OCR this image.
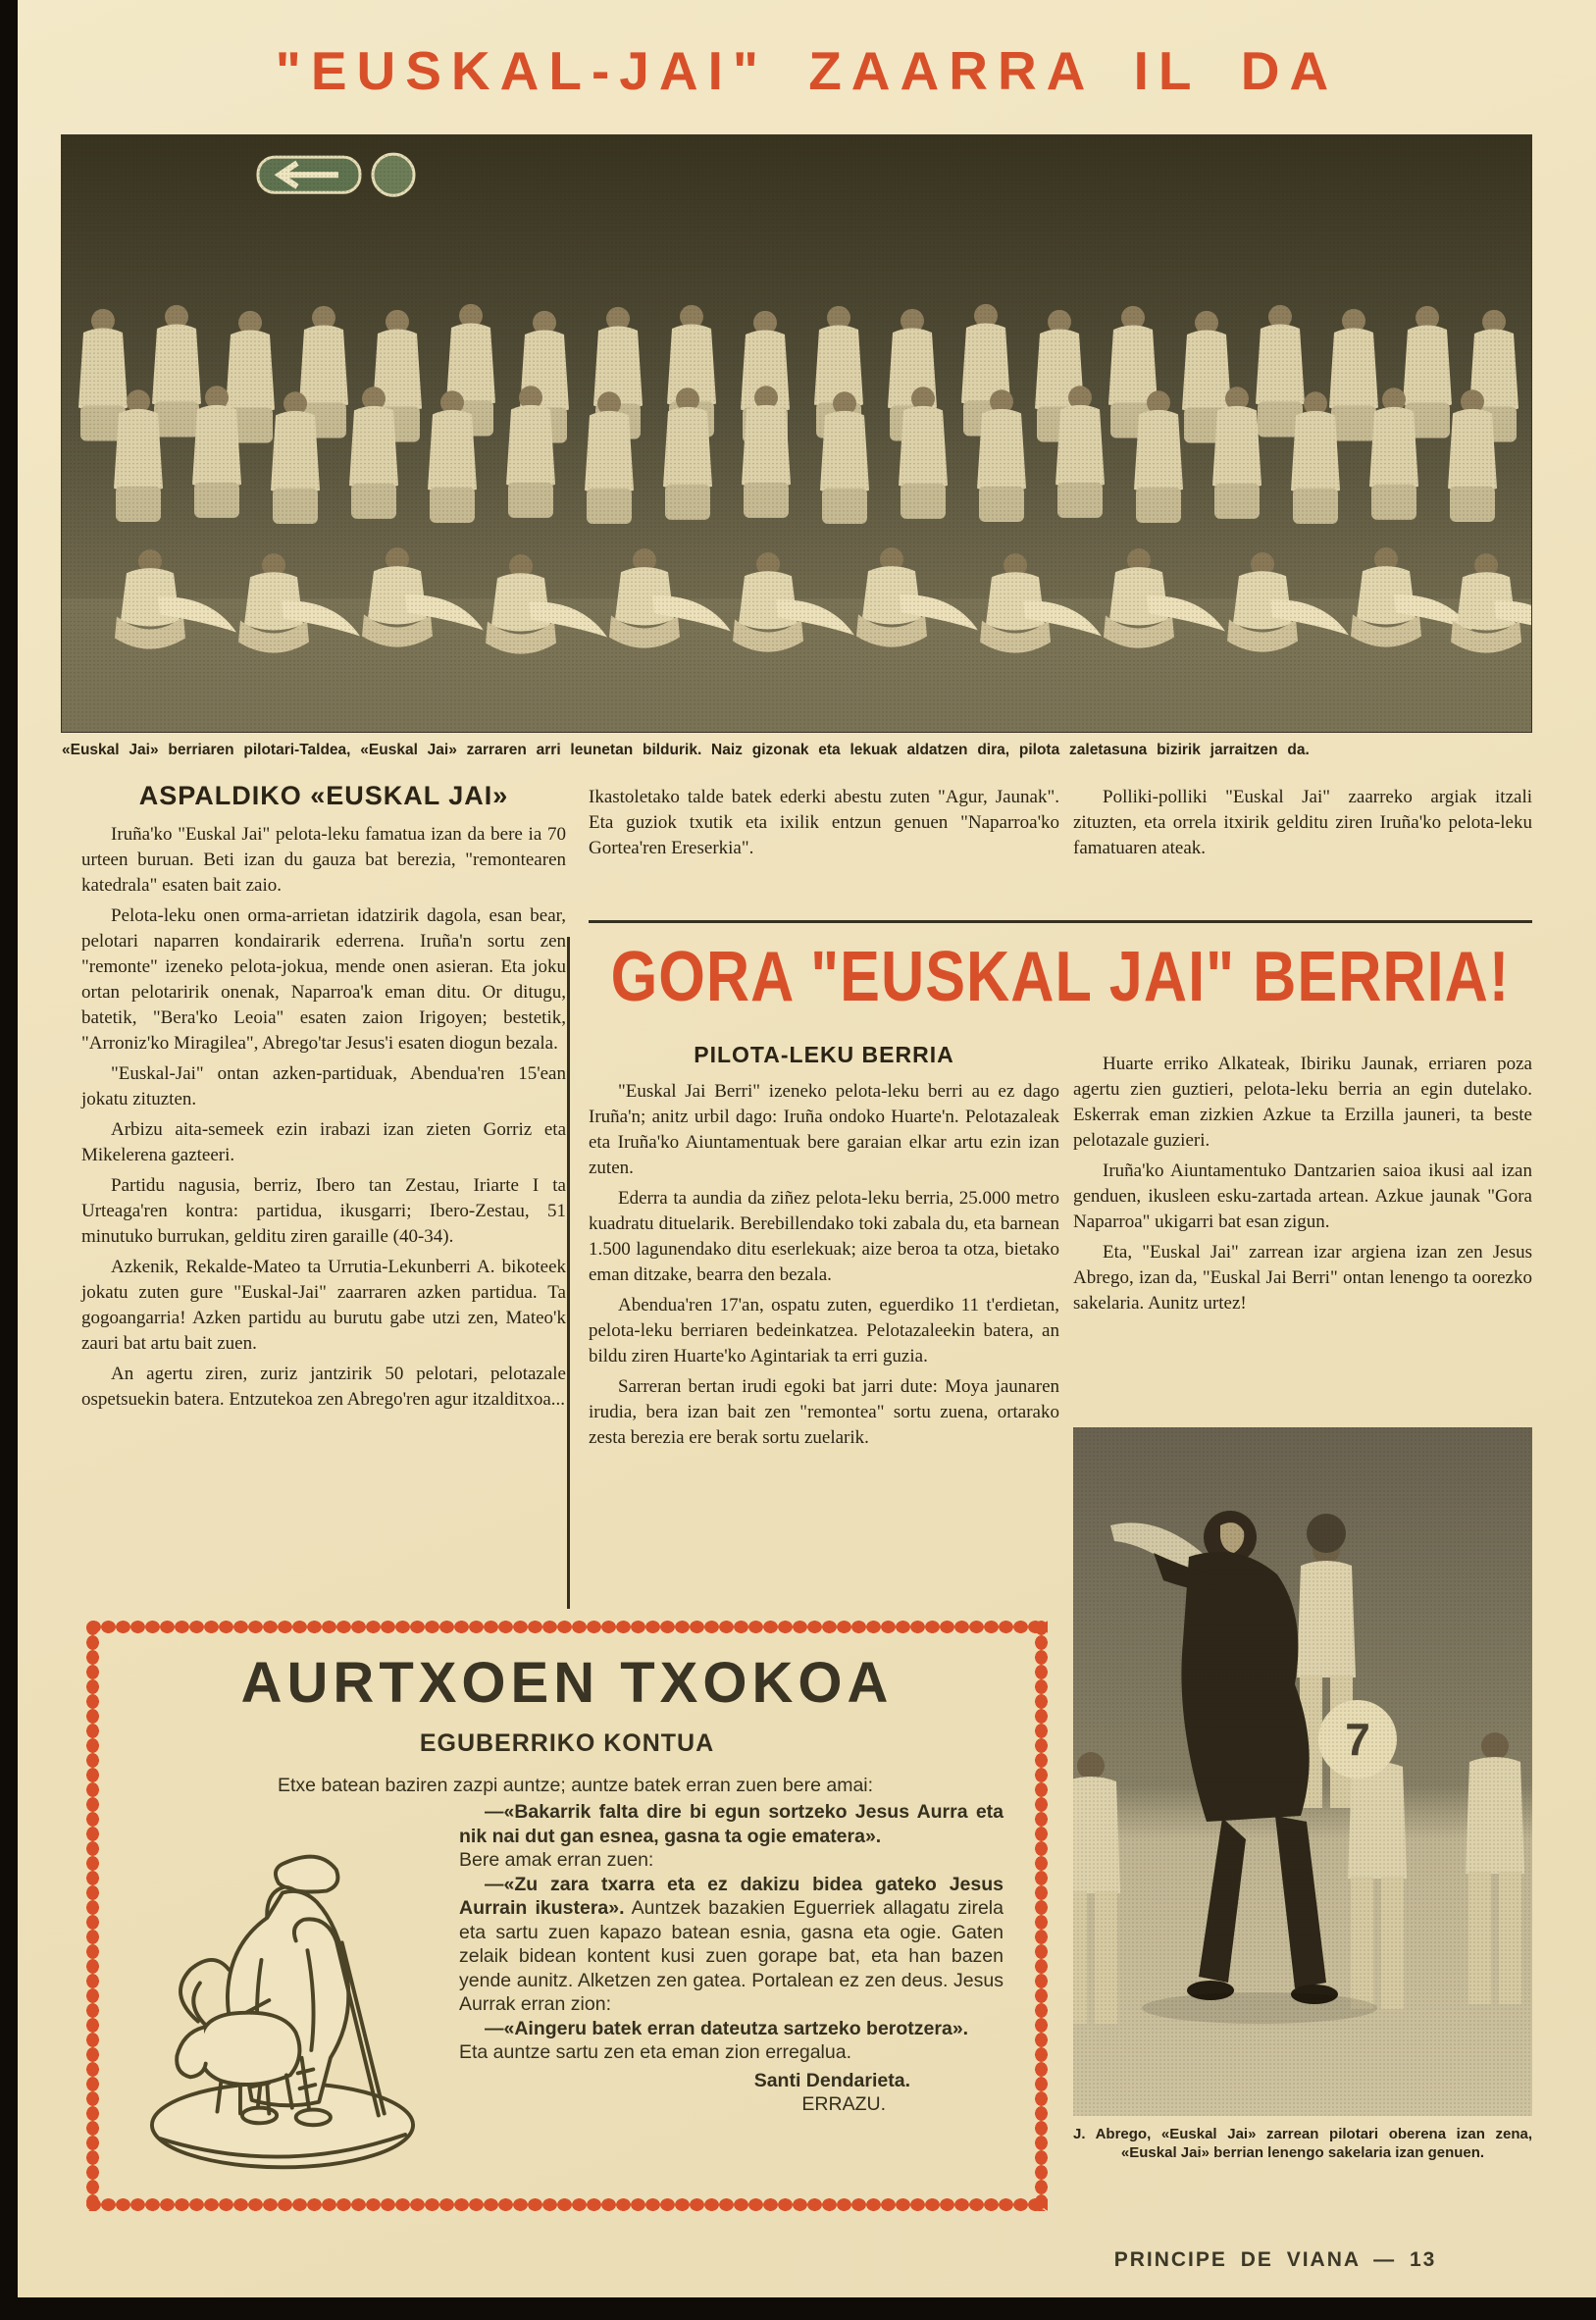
"EUSKAL-JAI" ZAARRA IL DA

«Euskal Jai» berriaren pilotari-Taldea, «Euskal Jai» zarraren arri leunetan bildurik. Naiz gizonak eta lekuak aldatzen dira, pilota zaletasuna bizirik jarraitzen da.

ASPALDIKO «EUSKAL JAI»

Iruña'ko "Euskal Jai" pelota-leku famatua izan da bere ia 70 urteen buruan. Beti izan du gauza bat berezia, "remontearen katedrala" esaten bait zaio.

Pelota-leku onen orma-arrietan idatzirik dagola, esan bear, pelotari naparren kondairarik ederrena. Iruña'n sortu zen "remonte" izeneko pelota-jokua, mende onen asieran. Eta joku ortan pelotaririk onenak, Naparroa'k eman ditu. Or ditugu, batetik, "Bera'ko Leoia" esaten zaion Irigoyen; bestetik, "Arroniz'ko Miragilea", Abrego'tar Jesus'i esaten diogun bezala.

"Euskal-Jai" ontan azken-partiduak, Abendua'ren 15'ean jokatu zituzten.

Arbizu aita-semeek ezin irabazi izan zieten Gorriz eta Mikelerena gazteeri.

Partidu nagusia, berriz, Ibero tan Zestau, Iriarte I ta Urteaga'ren kontra: partidua, ikusgarri; Ibero-Zestau, 51 minutuko burrukan, gelditu ziren garaille (40-34).

Azkenik, Rekalde-Mateo ta Urrutia-Lekunberri A. bikoteek jokatu zuten gure "Euskal-Jai" zaarraren azken partidua. Ta gogoangarria! Azken partidu au burutu gabe utzi zen, Mateo'k zauri bat artu bait zuen.

An agertu ziren, zuriz jantzirik 50 pelotari, pelotazale ospetsuekin batera. Entzutekoa zen Abrego'ren agur itzalditxoa...

Ikastoletako talde batek ederki abestu zuten "Agur, Jaunak". Eta guziok txutik eta ixilik entzun genuen "Naparroa'ko Gortea'ren Ereserkia".

Polliki-polliki "Euskal Jai" zaarreko argiak itzali zituzten, eta orrela itxirik gelditu ziren Iruña'ko pelota-leku famatuaren ateak.

GORA "EUSKAL JAI" BERRIA!
PILOTA-LEKU BERRIA

"Euskal Jai Berri" izeneko pelota-leku berri au ez dago Iruña'n; anitz urbil dago: Iruña ondoko Huarte'n. Pelotazaleak eta Iruña'ko Aiuntamentuak bere garaian elkar artu ezin izan zuten.

Ederra ta aundia da ziñez pelota-leku berria, 25.000 metro kuadratu dituelarik. Berebillendako toki zabala du, eta barnean 1.500 lagunendako ditu eserlekuak; aize beroa ta otza, bietako eman ditzake, bearra den bezala.

Abendua'ren 17'an, ospatu zuten, eguerdiko 11 t'erdietan, pelota-leku berriaren bedeinkatzea. Pelotazaleekin batera, an bildu ziren Huarte'ko Agintariak ta erri guzia.

Sarreran bertan irudi egoki bat jarri dute: Moya jaunaren irudia, bera izan bait zen "remontea" sortu zuena, ortarako zesta berezia ere berak sortu zuelarik.

Huarte erriko Alkateak, Ibiriku Jaunak, erriaren poza agertu zien guztieri, pelota-leku berria an egin dutelako. Eskerrak eman zizkien Azkue ta Erzilla jauneri, ta beste pelotazale guzieri.

Iruña'ko Aiuntamentuko Dantzarien saioa ikusi aal izan genduen, ikusleen esku-zartada artean. Azkue jaunak "Gora Naparroa" ukigarri bat esan zigun.

Eta, "Euskal Jai" zarrean izar argiena izan zen Jesus Abrego, izan da, "Euskal Jai Berri" ontan lenengo ta oorezko sakelaria. Aunitz urtez!

J. Abrego, «Euskal Jai» zarrean pilotari oberena izan zena, «Euskal Jai» berrian lenengo sakelaria izan genuen.

AURTXOEN TXOKOA
EGUBERRIKO KONTUA

Etxe batean baziren zazpi auntze; auntze batek erran zuen bere amai:

—«Bakarrik falta dire bi egun sortzeko Jesus Aurra eta nik nai dut gan esnea, gasna ta ogie ematera».

Bere amak erran zuen:

—«Zu zara txarra eta ez dakizu bidea gateko Jesus Aurrain ikustera». Auntzek bazakien Eguerriek allagatu zirela eta sartu zuen kapazo batean esnia, gasna eta ogie. Gaten zelaik bidean kontent kusi zuen gorape bat, eta han bazen yende aunitz. Alketzen zen gatea. Portalean ez zen deus. Jesus Aurrak erran zion:

—«Aingeru batek erran dateutza sartzeko berotzera».

Eta auntze sartu zen eta eman zion erregalua.

Santi Dendarieta.

ERRAZU.

PRINCIPE DE VIANA — 13
